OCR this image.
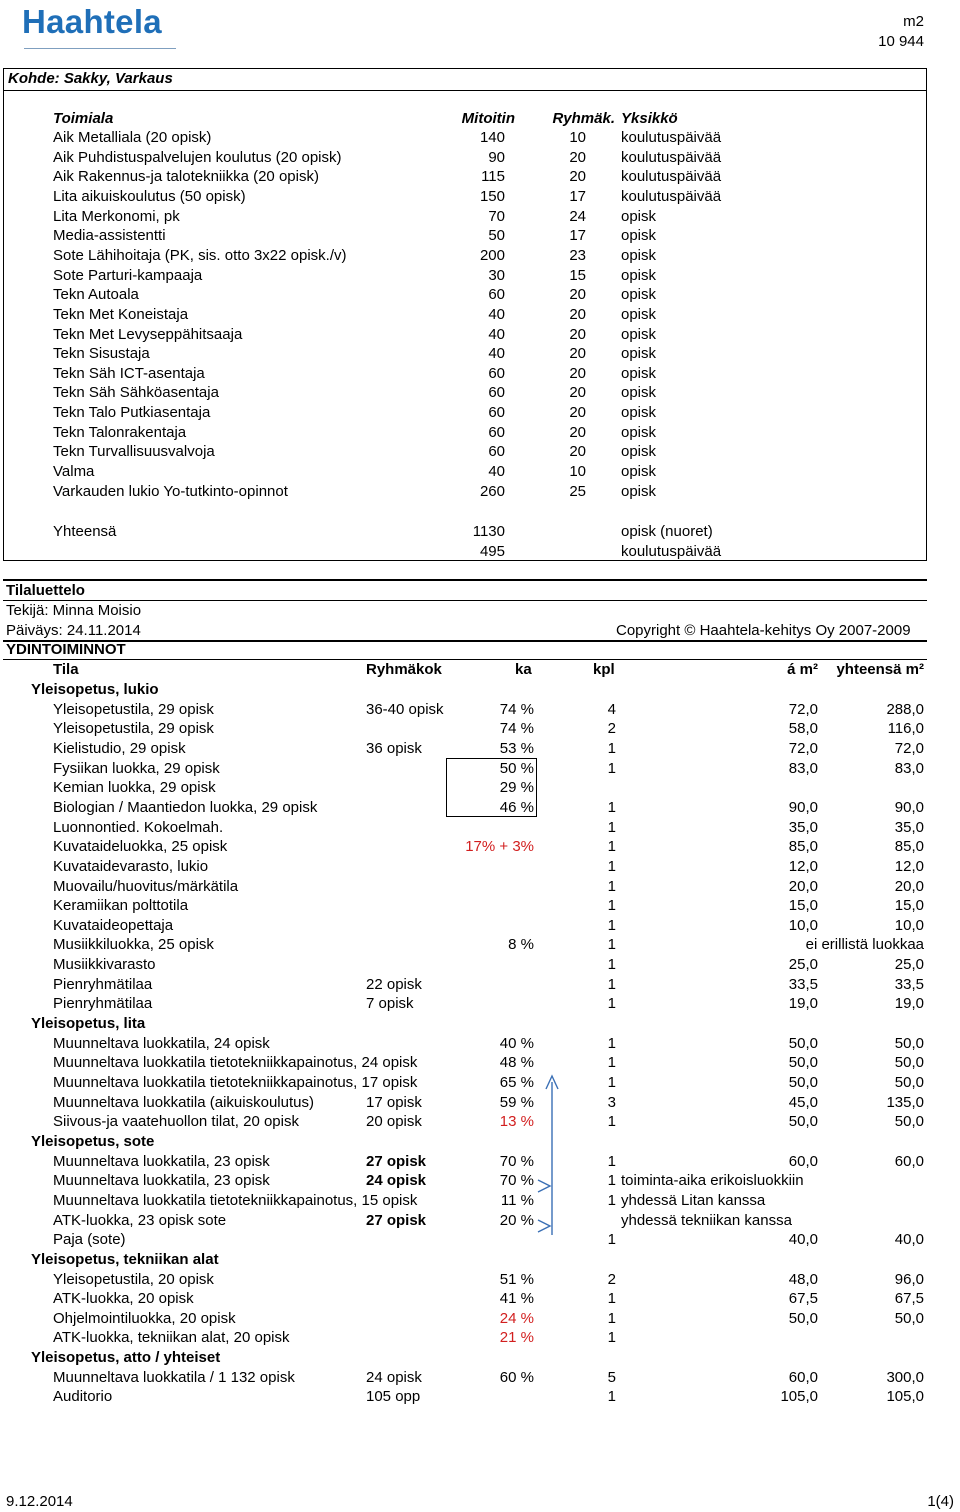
Haahtela	m2
10 944
Kohde: Sakky, Varkaus
Toimiala	Mitoitin Ryhmäk. Yksikkö
Aik Metalliala (20 opisk)	140	10 koulutuspäivää
Aik Puhdistuspalvelujen koulutus (20 opisk)	90	20 koulutuspäivää
Aik Rakennus-ja talotekniikka (20 opisk)	115	20 koulutuspäivää
Lita aikuiskoulutus (50 opisk)	150	17 koulutuspäivää
Lita Merkonomi, pk	70	24 opisk
Media-assistentti	50	17 opisk
Sote Lähihoitaja (PK, sis. otto 3x22 opisk./v)	200	23 opisk
Sote Parturi-kampaaja	30	15 opisk
Tekn Autoala	60	20 opisk
Tekn Met Koneistaja	40	20 opisk
Tekn Met Levyseppähitsaaja	40	20 opisk
Tekn Sisustaja	40	20 opisk
Tekn Säh ICT-asentaja	60	20 opisk
Tekn Säh Sähköasentaja	60	20 opisk
Tekn Talo Putkiasentaja	60	20 opisk
Tekn Talonrakentaja	60	20 opisk
Tekn Turvallisuusvalvoja	60	20 opisk
Valma	40	10 opisk
Varkauden lukio Yo-tutkinto-opinnot	260	25 opisk
Yhteensä	1130	opisk (nuoret)
495	koulutuspäivää
Tilaluettelo
Tekijä: Minna Moisio
Päiväys: 24.11.2014	Copyright © Haahtela-kehitys Oy 2007-2009
YDINTOIMINNOT
Tila	Ryhmäkok	ka	kpl	á m² yhteensä m²
Yleisopetus, lukio
Yleisopetustila, 29 opisk	36-40 opisk	74 %	4	72,0	288,0
Yleisopetustila, 29 opisk	74 %	2	58,0	116,0
Kielistudio, 29 opisk	36 opisk	53 %	1	72,0	72,0
Fysiikan luokka, 29 opisk	50 %	1	83,0	83,0
Kemian luokka, 29 opisk	29 %
Biologian / Maantiedon luokka, 29 opisk	46 %	1	90,0	90,0
Luonnontied. Kokoelmah.	1	35,0	35,0
Kuvataideluokka, 25 opisk	17% + 3%	1	85,0	85,0
Kuvataidevarasto, lukio	1	12,0	12,0
Muovailu/huovitus/märkätila	1	20,0	20,0
Keramiikan polttotila	1	15,0	15,0
Kuvataideopettaja	1	10,0	10,0
Musiikkiluokka, 25 opisk	8 %	1	ei erillistä luokkaa
Musiikkivarasto	1	25,0	25,0
Pienryhmätilaa	22 opisk	1	33,5	33,5
Pienryhmätilaa	7 opisk	1	19,0	19,0
Yleisopetus, lita
Muunneltava luokkatila, 24 opisk	40 %	1	50,0	50,0
Muunneltava luokkatila tietotekniikkapainotus, 24 opisk	48 %	1	50,0	50,0
Muunneltava luokkatila tietotekniikkapainotus, 17 opisk	65 %	1	50,0	50,0
Muunneltava luokkatila (aikuiskoulutus)	17 opisk	59 %	3	45,0	135,0
Siivous-ja vaatehuollon tilat, 20 opisk	20 opisk	13 %	1	50,0	50,0
Yleisopetus, sote
Muunneltava luokkatila, 23 opisk	27 opisk	70 %	1	60,0	60,0
Muunneltava luokkatila, 23 opisk	24 opisk	70 %	1 toiminta-aika erikoisluokkiin
Muunneltava luokkatila tietotekniikkapainotus, 15 opisk	11 %	1 yhdessä Litan kanssa
ATK-luokka, 23 opisk sote	27 opisk	20 %	yhdessä tekniikan kanssa
Paja (sote)	1	40,0	40,0
Yleisopetus, tekniikan alat
Yleisopetustila, 20 opisk	51 %	2	48,0	96,0
ATK-luokka, 20 opisk	41 %	1	67,5	67,5
Ohjelmointiluokka, 20 opisk	24 %	1	50,0	50,0
ATK-luokka, tekniikan alat, 20 opisk	21 %	1
Yleisopetus, atto / yhteiset
Muunneltava luokkatila / 1 132 opisk	24 opisk	60 %	5	60,0	300,0
Auditorio	105 opp	1	105,0	105,0
9.12.2014	1(4)
